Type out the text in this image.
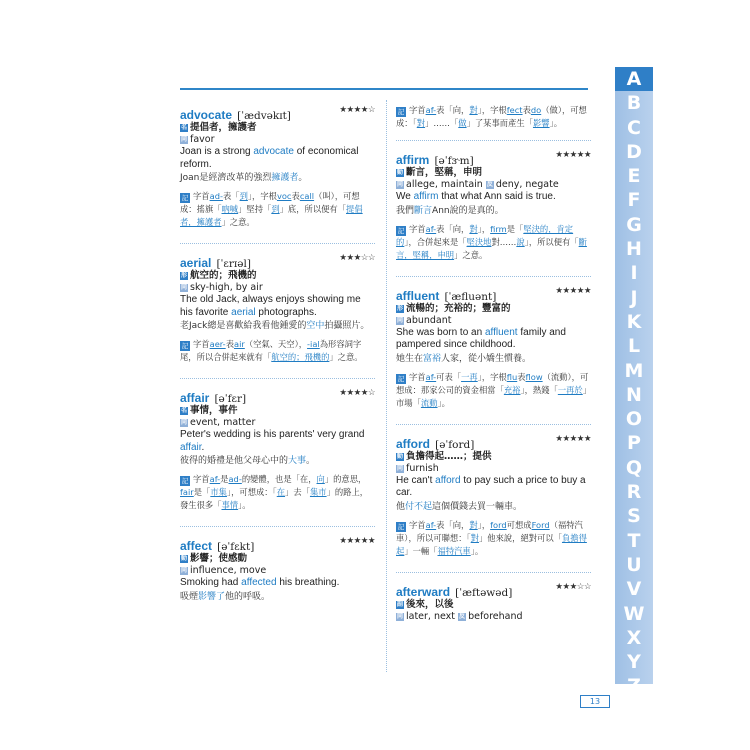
advocate [ˈædvəkɪt]	★★★★☆
名 提倡者，擁護者
同 favor
Joan is a strong advocate of economical reform.
Joan是經濟改革的強烈擁護者。
記 字首ad-表「到」，字根voc表call（叫），可想成：搖旗「吶喊」堅持「到」底，所以便有「提倡者，擁護者」之意。
aerial [ˈɛrɪəl]	★★★☆☆
形 航空的；飛機的
同 sky-high, by air
The old Jack, always enjoys showing me his favorite aerial photographs.
老Jack總是喜歡給我看他鍾愛的空中拍攝照片。
記 字首aer-表air（空氣、天空），-ial為形容詞字尾，所以合併起來就有「航空的；飛機的」之意。
affair [əˈfɛr]	★★★★☆
名 事情，事件
同 event, matter
Peter's wedding is his parents' very grand affair.
彼得的婚禮是他父母心中的大事。
記 字首af-是ad-的變體，也是「在，向」的意思，fair是「市集」，可想成：「在」去「集市」的路上，發生很多「事情」。
affect [əˈfɛkt]	★★★★★
動 影響；使感動
同 influence, move
Smoking had affected his breathing.
吸煙影響了他的呼吸。
記 字首af-表「向，對」，字根fect表do（做），可想成：「對」……「做」了某事而產生「影響」。
affirm [əˈfɝm]	★★★★★
動 斷言，堅稱，申明
同 allege, maintain 反 deny, negate
We affirm that what Ann said is true.
我們斷言Ann說的是真的。
記 字首af-表「向，對」，firm是「堅決的，肯定的」，合併起來是「堅決地對……說」，所以便有「斷言，堅稱，申明」之意。
affluent [ˈæfluənt]	★★★★★
形 流暢的；充裕的；豐富的
同 abundant
She was born to an affluent family and pampered since childhood.
她生在富裕人家，從小嬌生慣養。
記 字首af-可表「一再」，字根flu表flow（流動），可想成：那家公司的資金相當「充裕」，熱錢「一再於」市場「流動」。
afford [əˈford]	★★★★★
動 負擔得起……；提供
同 furnish
He can't afford to pay such a price to buy a car.
他付不起這個價錢去買一輛車。
記 字首af-表「向，對」，ford可想成Ford（福特汽車），所以可聯想：「對」他來說，絕對可以「負擔得起」一輛「福特汽車」。
afterward [ˈæftəwəd]	★★★☆☆
副 後來，以後
同 later, next 反 beforehand
A
B
C
D
E
F
G
H
I
J
K
L
M
N
O
P
Q
R
S
T
U
V
W
X
Y
Z
13
